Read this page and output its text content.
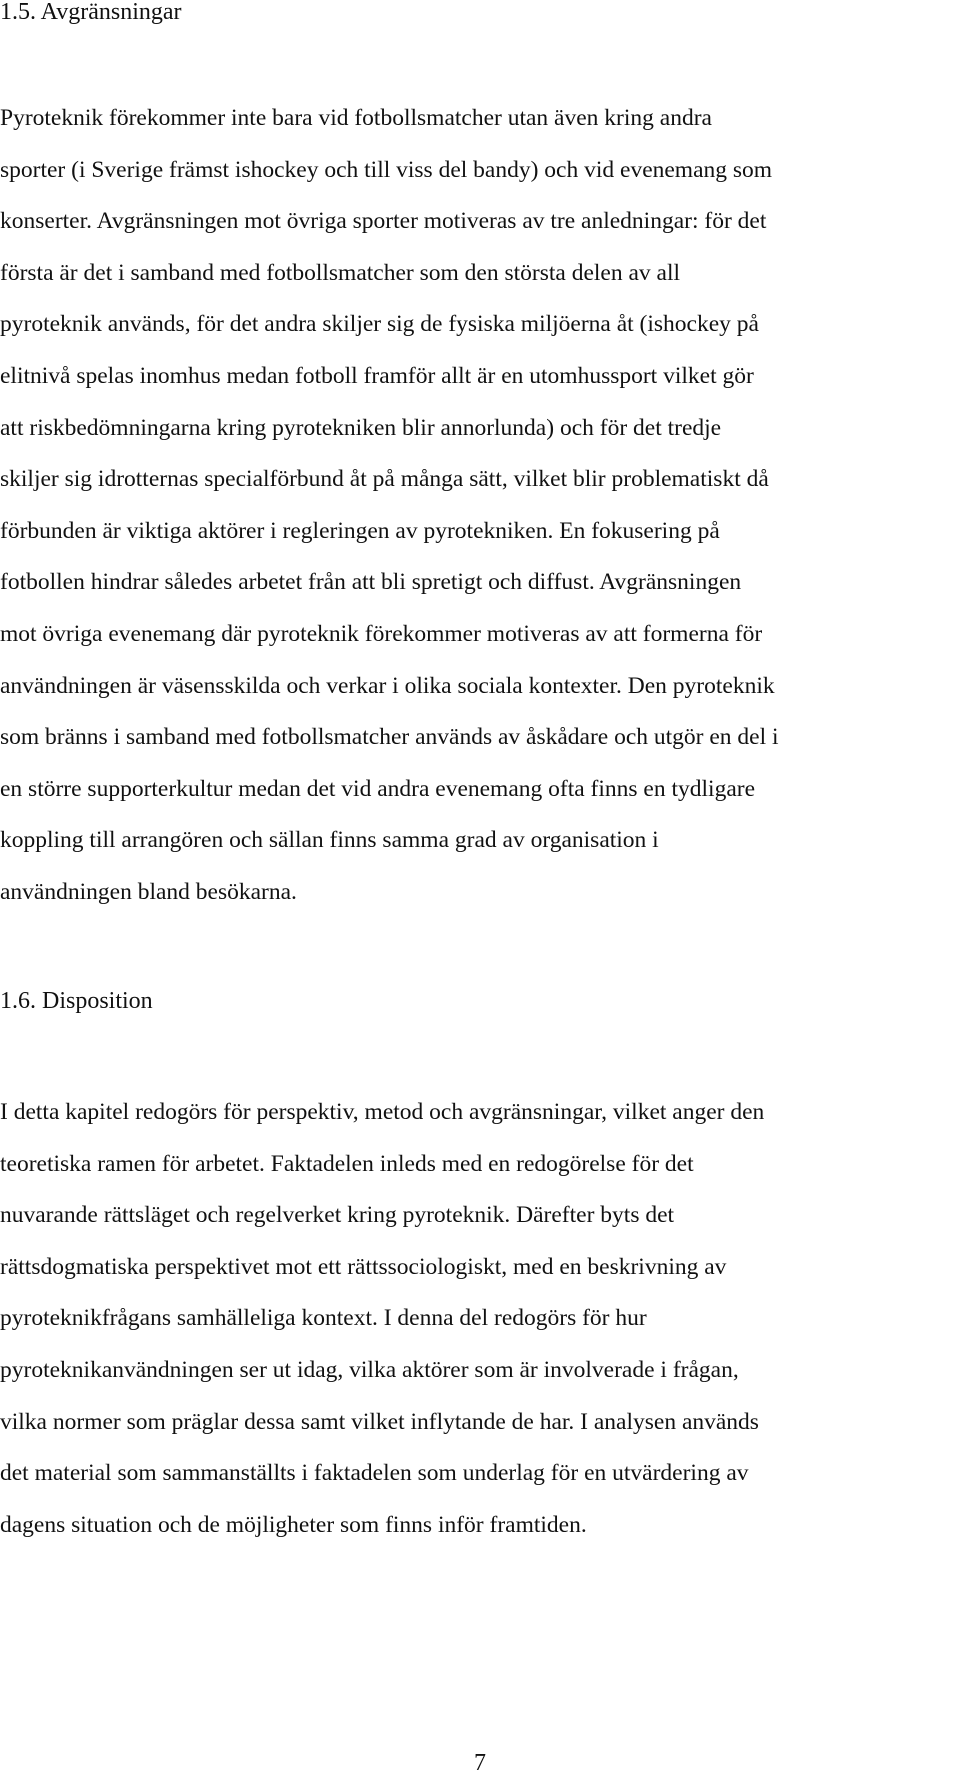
1.5. Avgränsningar
Pyroteknik förekommer inte bara vid fotbollsmatcher utan även kring andra
sporter (i Sverige främst ishockey och till viss del bandy) och vid evenemang som
konserter. Avgränsningen mot övriga sporter motiveras av tre anledningar: för det
första är det i samband med fotbollsmatcher som den största delen av all
pyroteknik används, för det andra skiljer sig de fysiska miljöerna åt (ishockey på
elitnivå spelas inomhus medan fotboll framför allt är en utomhussport vilket gör
att riskbedömningarna kring pyrotekniken blir annorlunda) och för det tredje
skiljer sig idrotternas specialförbund åt på många sätt, vilket blir problematiskt då
förbunden är viktiga aktörer i regleringen av pyrotekniken. En fokusering på
fotbollen hindrar således arbetet från att bli spretigt och diffust. Avgränsningen
mot övriga evenemang där pyroteknik förekommer motiveras av att formerna för
användningen är väsensskilda och verkar i olika sociala kontexter. Den pyroteknik
som bränns i samband med fotbollsmatcher används av åskådare och utgör en del i
en större supporterkultur medan det vid andra evenemang ofta finns en tydligare
koppling till arrangören och sällan finns samma grad av organisation i
användningen bland besökarna.
1.6. Disposition
I detta kapitel redogörs för perspektiv, metod och avgränsningar, vilket anger den
teoretiska ramen för arbetet. Faktadelen inleds med en redogörelse för det
nuvarande rättsläget och regelverket kring pyroteknik. Därefter byts det
rättsdogmatiska perspektivet mot ett rättssociologiskt, med en beskrivning av
pyroteknikfrågans samhälleliga kontext. I denna del redogörs för hur
pyroteknikanvändningen ser ut idag, vilka aktörer som är involverade i frågan,
vilka normer som präglar dessa samt vilket inflytande de har. I analysen används
det material som sammanställts i faktadelen som underlag för en utvärdering av
dagens situation och de möjligheter som finns inför framtiden.
7
